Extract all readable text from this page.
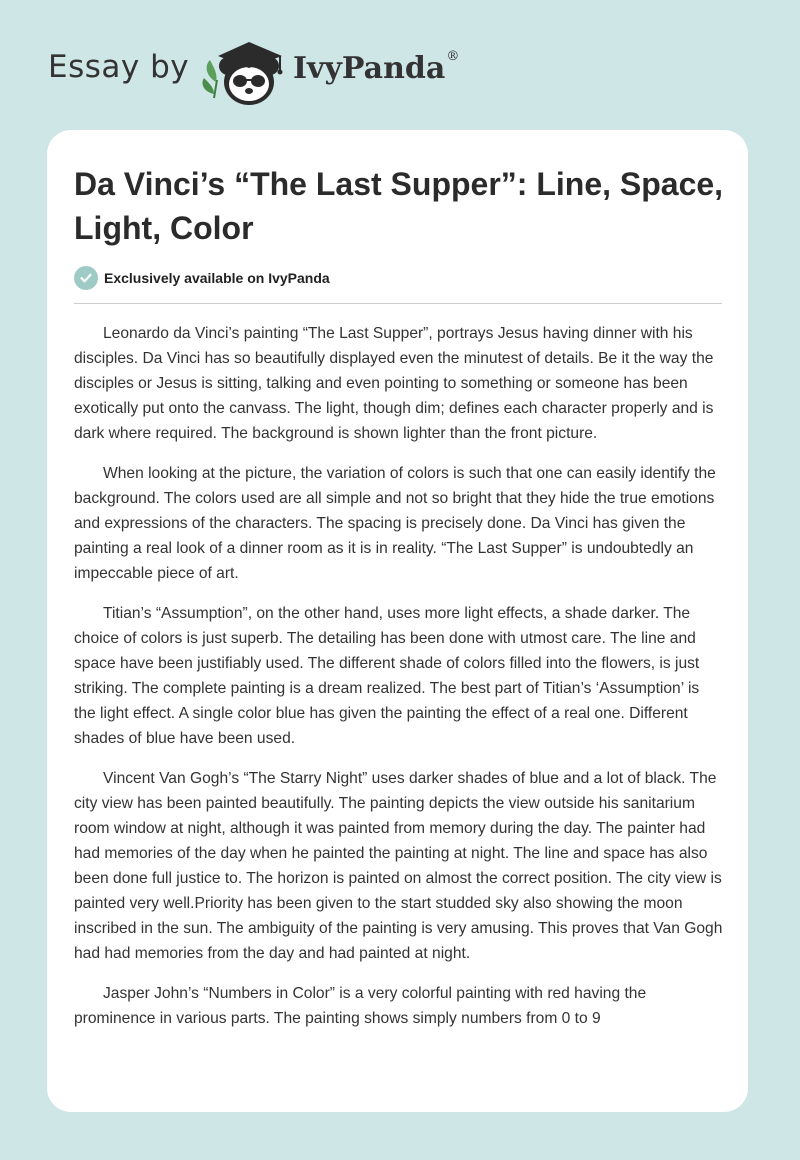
Essay by	IvyPanda®
Da Vinci’s “The Last Supper”: Line, Space, Light, Color
Exclusively available on IvyPanda

Leonardo da Vinci’s painting “The Last Supper”, portrays Jesus having dinner with his disciples. Da Vinci has so beautifully displayed even the minutest of details. Be it the way the disciples or Jesus is sitting, talking and even pointing to something or someone has been exotically put onto the canvass. The light, though dim; defines each character properly and is dark where required. The background is shown lighter than the front picture.

When looking at the picture, the variation of colors is such that one can easily identify the background. The colors used are all simple and not so bright that they hide the true emotions and expressions of the characters. The spacing is precisely done. Da Vinci has given the painting a real look of a dinner room as it is in reality. “The Last Supper” is undoubtedly an impeccable piece of art.

Titian’s “Assumption”, on the other hand, uses more light effects, a shade darker. The choice of colors is just superb. The detailing has been done with utmost care. The line and space have been justifiably used. The different shade of colors filled into the flowers, is just striking. The complete painting is a dream realized. The best part of Titian’s ‘Assumption’ is the light effect. A single color blue has given the painting the effect of a real one. Different shades of blue have been used.

Vincent Van Gogh’s “The Starry Night” uses darker shades of blue and a lot of black. The city view has been painted beautifully. The painting depicts the view outside his sanitarium room window at night, although it was painted from memory during the day. The painter had had memories of the day when he painted the painting at night. The line and space has also been done full justice to. The horizon is painted on almost the correct position. The city view is painted very well.Priority has been given to the start studded sky also showing the moon inscribed in the sun. The ambiguity of the painting is very amusing. This proves that Van Gogh had had memories from the day and had painted at night.

Jasper John’s “Numbers in Color” is a very colorful painting with red having the prominence in various parts. The painting shows simply numbers from 0 to 9
